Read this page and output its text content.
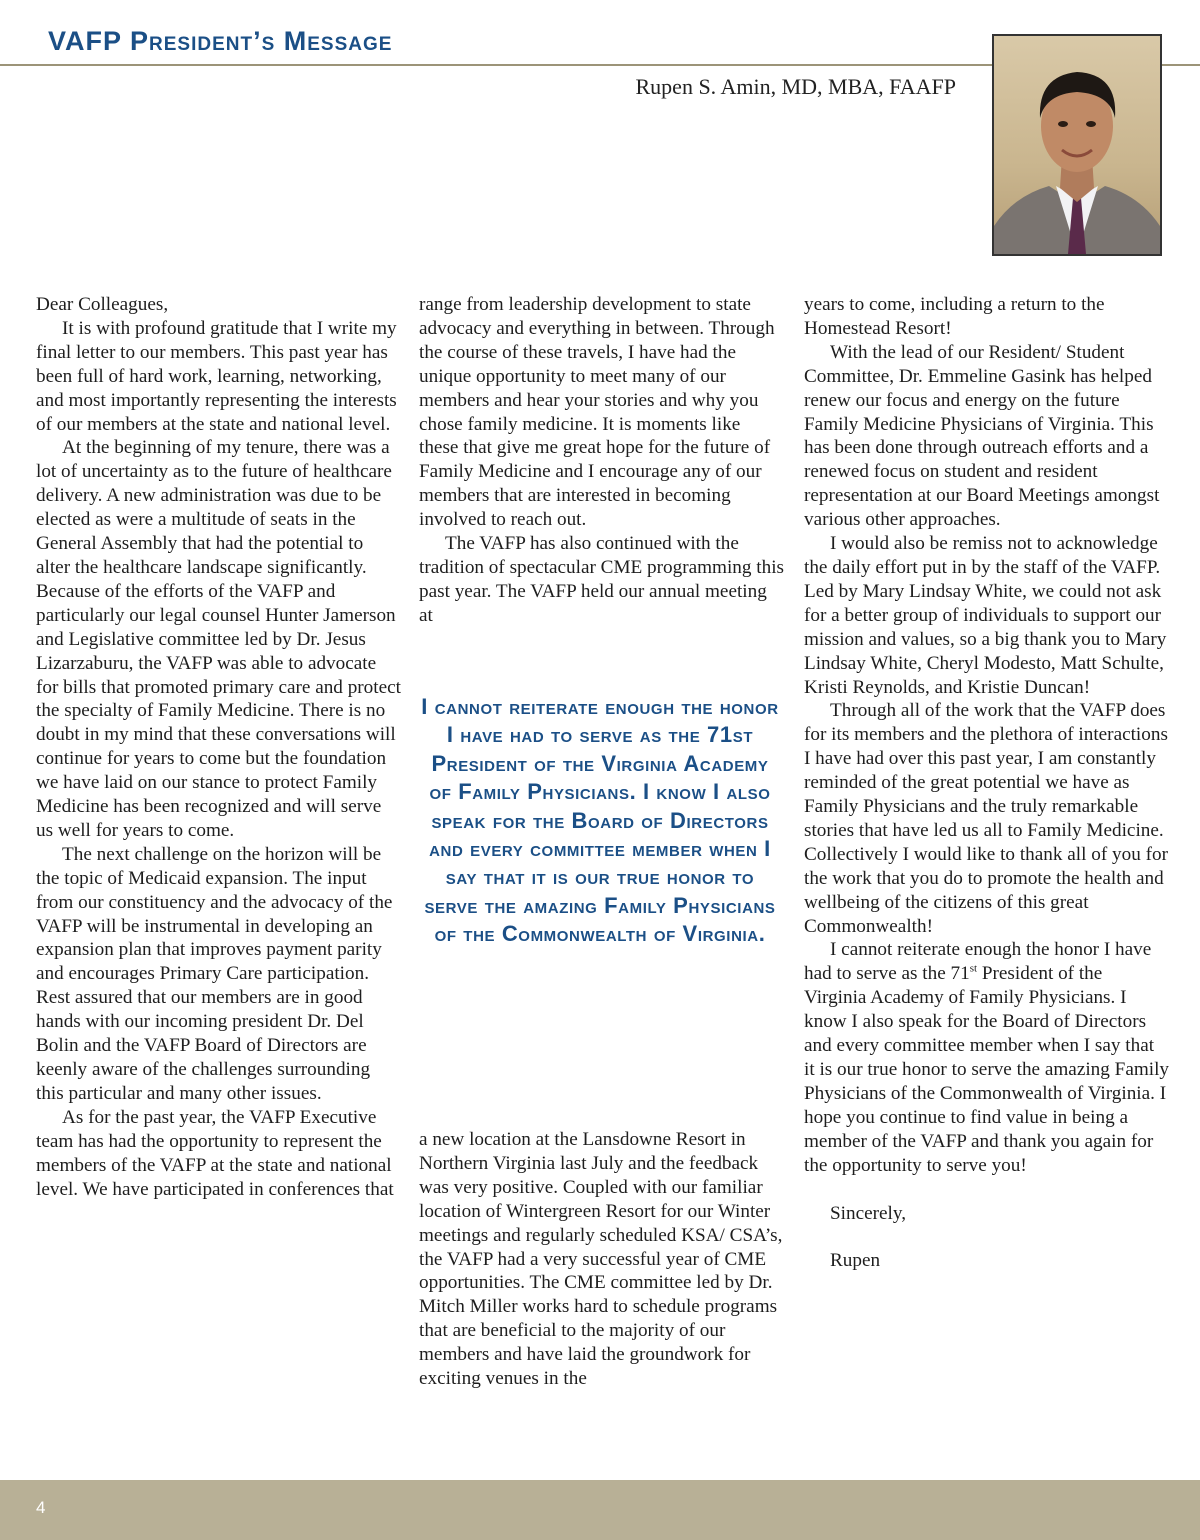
VAFP President’s Message
Rupen S. Amin, MD, MBA, FAAFP

Dear Colleagues,

It is with profound gratitude that I write my final letter to our members. This past year has been full of hard work, learning, networking, and most importantly representing the interests of our members at the state and national level.

At the beginning of my tenure, there was a lot of uncertainty as to the future of healthcare delivery. A new administration was due to be elected as were a multitude of seats in the General Assembly that had the potential to alter the healthcare landscape significantly. Because of the efforts of the VAFP and particularly our legal counsel Hunter Jamerson and Legislative committee led by Dr. Jesus Lizarzaburu, the VAFP was able to advocate for bills that promoted primary care and protect the specialty of Family Medicine. There is no doubt in my mind that these conversations will continue for years to come but the foundation we have laid on our stance to protect Family Medicine has been recognized and will serve us well for years to come.

The next challenge on the horizon will be the topic of Medicaid expansion. The input from our constituency and the advocacy of the VAFP will be instrumental in developing an expansion plan that improves payment parity and encourages Primary Care participation. Rest assured that our members are in good hands with our incoming president Dr. Del Bolin and the VAFP Board of Directors are keenly aware of the challenges surrounding this particular and many other issues.

As for the past year, the VAFP Executive team has had the opportunity to represent the members of the VAFP at the state and national level. We have participated in conferences that

range from leadership development to state advocacy and everything in between. Through the course of these travels, I have had the unique opportunity to meet many of our members and hear your stories and why you chose family medicine. It is moments like these that give me great hope for the future of Family Medicine and I encourage any of our members that are interested in becoming involved to reach out.

The VAFP has also continued with the tradition of spectacular CME programming this past year. The VAFP held our annual meeting at

I cannot reiterate enough the honor I have had to serve as the 71st President of the Virginia Academy of Family Physicians. I know I also speak for the Board of Directors and every committee member when I say that it is our true honor to serve the amazing Family Physicians of the Commonwealth of Virginia.

a new location at the Lansdowne Resort in Northern Virginia last July and the feedback was very positive. Coupled with our familiar location of Wintergreen Resort for our Winter meetings and regularly scheduled KSA/ CSA’s, the VAFP had a very successful year of CME opportunities. The CME committee led by Dr. Mitch Miller works hard to schedule programs that are beneficial to the majority of our members and have laid the groundwork for exciting venues in the

years to come, including a return to the Homestead Resort!

With the lead of our Resident/ Student Committee, Dr. Emmeline Gasink has helped renew our focus and energy on the future Family Medicine Physicians of Virginia. This has been done through outreach efforts and a renewed focus on student and resident representation at our Board Meetings amongst various other approaches.

I would also be remiss not to acknowledge the daily effort put in by the staff of the VAFP. Led by Mary Lindsay White, we could not ask for a better group of individuals to support our mission and values, so a big thank you to Mary Lindsay White, Cheryl Modesto, Matt Schulte, Kristi Reynolds, and Kristie Duncan!

Through all of the work that the VAFP does for its members and the plethora of interactions I have had over this past year, I am constantly reminded of the great potential we have as Family Physicians and the truly remarkable stories that have led us all to Family Medicine. Collectively I would like to thank all of you for the work that you do to promote the health and wellbeing of the citizens of this great Commonwealth!

I cannot reiterate enough the honor I have had to serve as the 71st President of the Virginia Academy of Family Physicians. I know I also speak for the Board of Directors and every committee member when I say that it is our true honor to serve the amazing Family Physicians of the Commonwealth of Virginia. I hope you continue to find value in being a member of the VAFP and thank you again for the opportunity to serve you!

Sincerely,

Rupen

4
